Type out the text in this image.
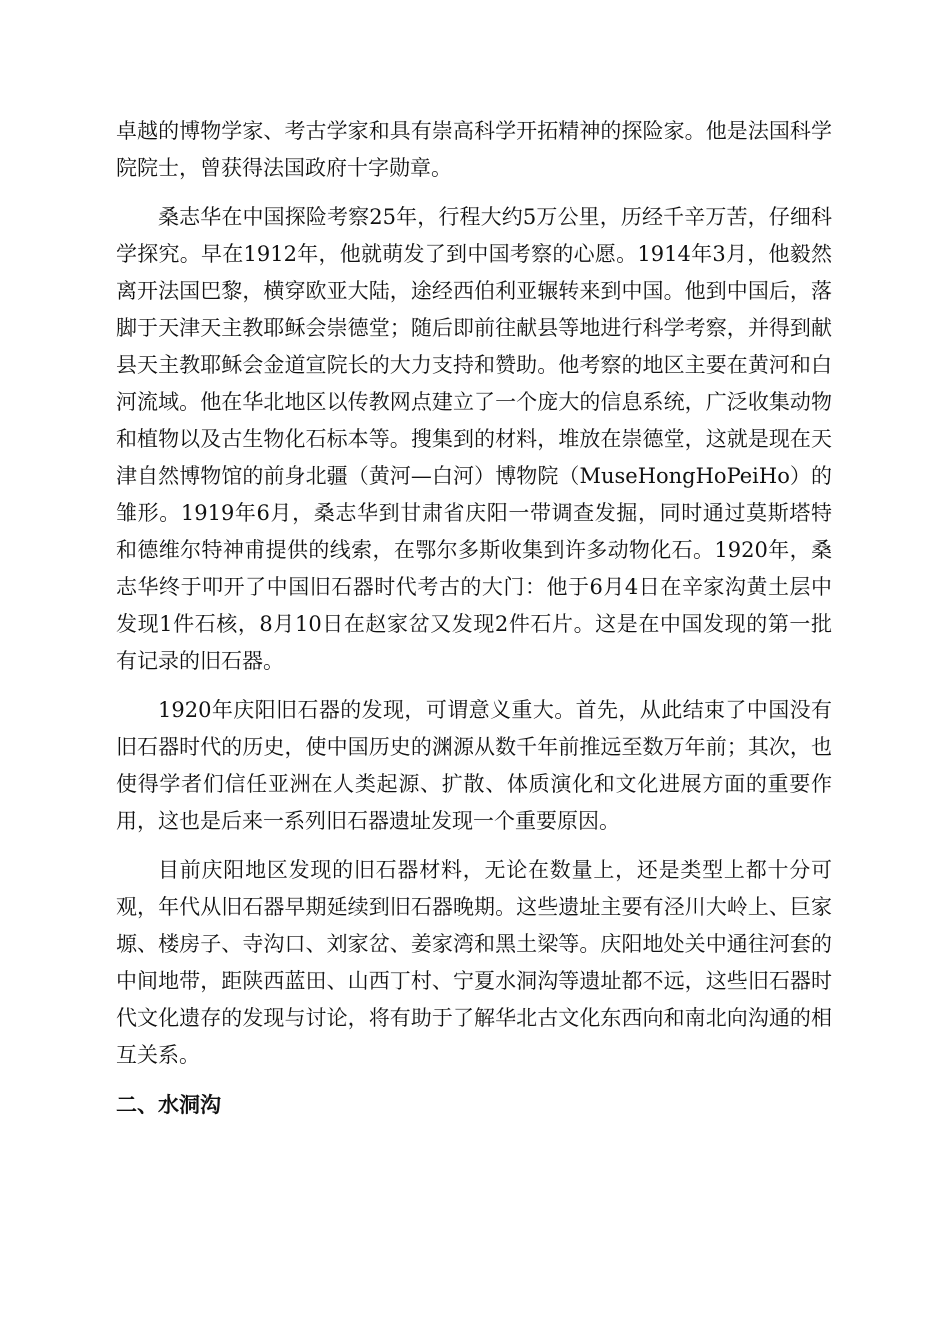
卓越的博物学家、考古学家和具有崇高科学开拓精神的探险家。他是法国科学院院士，曾获得法国政府十字勋章。

桑志华在中国探险考察25年，行程大约5万公里，历经千辛万苦，仔细科学探究。早在1912年，他就萌发了到中国考察的心愿。1914年3月，他毅然离开法国巴黎，横穿欧亚大陆，途经西伯利亚辗转来到中国。他到中国后，落脚于天津天主教耶稣会崇德堂；随后即前往献县等地进行科学考察，并得到献县天主教耶稣会金道宣院长的大力支持和赞助。他考察的地区主要在黄河和白河流域。他在华北地区以传教网点建立了一个庞大的信息系统，广泛收集动物和植物以及古生物化石标本等。搜集到的材料，堆放在崇德堂，这就是现在天津自然博物馆的前身北疆（黄河—白河）博物院（MuseHongHoPeiHo）的雏形。1919年6月，桑志华到甘肃省庆阳一带调查发掘，同时通过莫斯塔特和德维尔特神甫提供的线索，在鄂尔多斯收集到许多动物化石。1920年，桑志华终于叩开了中国旧石器时代考古的大门：他于6月4日在辛家沟黄土层中发现1件石核，8月10日在赵家岔又发现2件石片。这是在中国发现的第一批有记录的旧石器。

1920年庆阳旧石器的发现，可谓意义重大。首先，从此结束了中国没有旧石器时代的历史，使中国历史的渊源从数千年前推远至数万年前；其次，也使得学者们信任亚洲在人类起源、扩散、体质演化和文化进展方面的重要作用，这也是后来一系列旧石器遗址发现一个重要原因。

目前庆阳地区发现的旧石器材料，无论在数量上，还是类型上都十分可观，年代从旧石器早期延续到旧石器晚期。这些遗址主要有泾川大岭上、巨家塬、楼房子、寺沟口、刘家岔、姜家湾和黑土梁等。庆阳地处关中通往河套的中间地带，距陕西蓝田、山西丁村、宁夏水洞沟等遗址都不远，这些旧石器时代文化遗存的发现与讨论，将有助于了解华北古文化东西向和南北向沟通的相互关系。

二、水洞沟
